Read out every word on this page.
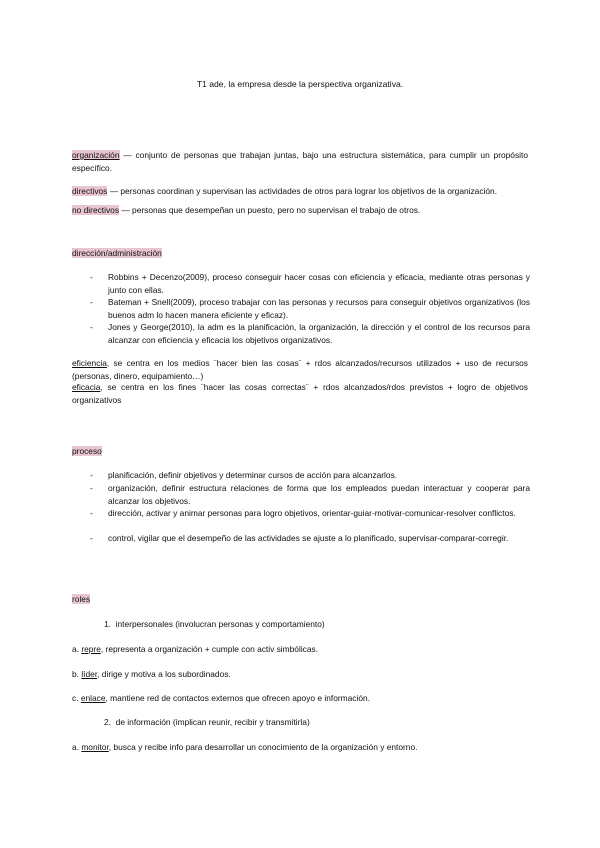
T1 ade, la empresa desde la perspectiva organizativa.
organización — conjunto de personas que trabajan juntas, bajo una estructura sistemática, para cumplir un propósito específico.
directivos — personas coordinan y supervisan las actividades de otros para lograr los objetivos de la organización.
no directivos — personas que desempeñan un puesto, pero no supervisan el trabajo de otros.
dirección/administración
- Robbins + Decenzo(2009), proceso conseguir hacer cosas con eficiencia y eficacia, mediante otras personas y junto con ellas.
- Bateman + Snell(2009), proceso trabajar con las personas y recursos para conseguir objetivos organizativos (los buenos adm lo hacen manera eficiente y eficaz).
- Jones y George(2010), la adm es la planificación, la organización, la dirección y el control de los recursos para alcanzar con eficiencia y eficacia los objetivos organizativos.
eficiencia, se centra en los medios ¨hacer bien las cosas¨ + rdos alcanzados/recursos utilizados + uso de recursos (personas, dinero, equipamiento…)
eficacia, se centra en los fines ¨hacer las cosas correctas¨ + rdos alcanzados/rdos previstos + logro de objetivos organizativos
proceso
- planificación, definir objetivos y determinar cursos de acción para alcanzarlos.
- organización, definir estructura relaciones de forma que los empleados puedan interactuar y cooperar para alcanzar los objetivos.
- dirección, activar y animar personas para logro objetivos, orientar-guiar-motivar-comunicar-resolver conflictos.
- control, vigilar que el desempeño de las actividades se ajuste a lo planificado, supervisar-comparar-corregir.
roles
1. interpersonales (involucran personas y comportamiento)
a. repre, representa a organización + cumple con activ simbólicas.
b. líder, dirige y motiva a los subordinados.
c. enlace, mantiene red de contactos externos que ofrecen apoyo e información.
2. de información (implican reunir, recibir y transmitirla)
a. monitor, busca y recibe info para desarrollar un conocimiento de la organización y entorno.
